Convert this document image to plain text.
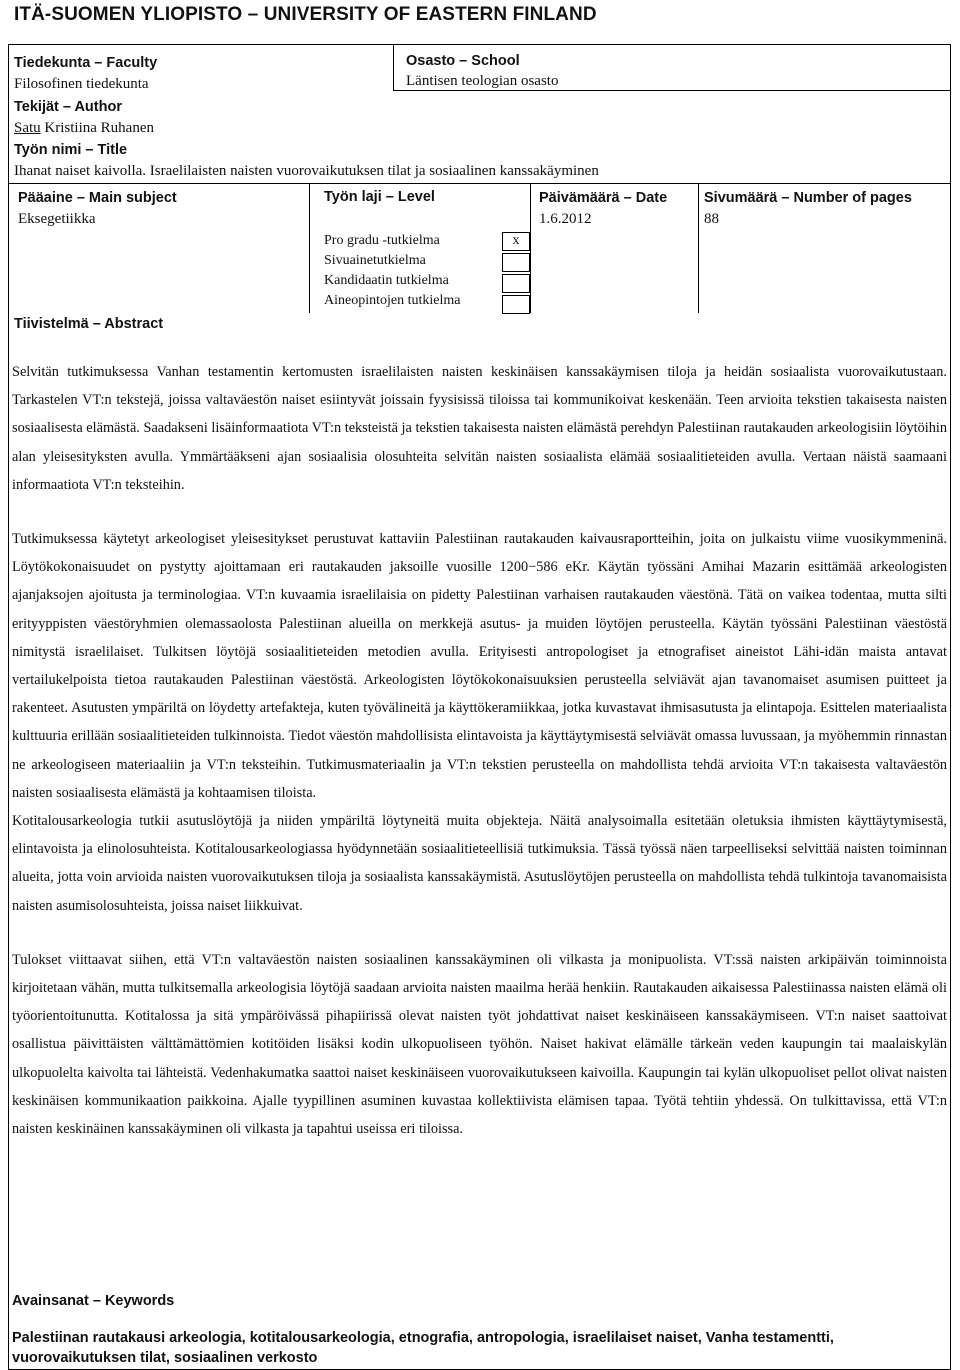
ITÄ-SUOMEN YLIOPISTO – UNIVERSITY OF EASTERN FINLAND
Tiedekunta – Faculty
Filosofinen tiedekunta
Osasto – School
Läntisen teologian osasto
Tekijät – Author
Satu Kristiina Ruhanen
Työn nimi – Title
Ihanat naiset kaivolla. Israelilaisten naisten vuorovaikutuksen tilat ja sosiaalinen kanssakäyminen
Pääaine – Main subject
Eksegetiikka
Työn laji – Level
Pro gradu -tutkielma
Sivuainetutkielma
Kandidaatin tutkielma
Aineopintojen tutkielma
x
Päivämäärä – Date
1.6.2012
Sivumäärä – Number of pages
88
Tiivistelmä – Abstract

Selvitän tutkimuksessa Vanhan testamentin kertomusten israelilaisten naisten keskinäisen kanssakäymisen tiloja ja heidän sosiaalista vuorovaikutustaan. Tarkastelen VT:n tekstejä, joissa valtaväestön naiset esiintyvät joissain fyysisissä tiloissa tai kommunikoivat keskenään. Teen arvioita tekstien takaisesta naisten sosiaalisesta elämästä. Saadakseni lisäinformaatiota VT:n teksteistä ja tekstien takaisesta naisten elämästä perehdyn Palestiinan rautakauden arkeologisiin löytöihin alan yleisesityksten avulla. Ymmärtääkseni ajan sosiaalisia olosuhteita selvitän naisten sosiaalista elämää sosiaalitieteiden avulla. Vertaan näistä saamaani informaatiota VT:n teksteihin.

Tutkimuksessa käytetyt arkeologiset yleisesitykset perustuvat kattaviin Palestiinan rautakauden kaivausraportteihin, joita on julkaistu viime vuosikymmeninä. Löytökokonaisuudet on pystytty ajoittamaan eri rautakauden jaksoille vuosille 1200−586 eKr. Käytän työssäni Amihai Mazarin esittämää arkeologisten ajanjaksojen ajoitusta ja terminologiaa. VT:n kuvaamia israelilaisia on pidetty Palestiinan varhaisen rautakauden väestönä. Tätä on vaikea todentaa, mutta silti erityyppisten väestöryhmien olemassaolosta Palestiinan alueilla on merkkejä asutus- ja muiden löytöjen perusteella. Käytän työssäni Palestiinan väestöstä nimitystä israelilaiset. Tulkitsen löytöjä sosiaalitieteiden metodien avulla. Erityisesti antropologiset ja etnografiset aineistot Lähi-idän maista antavat vertailukelpoista tietoa rautakauden Palestiinan väestöstä. Arkeologisten löytökokonaisuuksien perusteella selviävät ajan tavanomaiset asumisen puitteet ja rakenteet. Asutusten ympäriltä on löydetty artefakteja, kuten työvälineitä ja käyttökeramiikkaa, jotka kuvastavat ihmisasutusta ja elintapoja. Esittelen materiaalista kulttuuria erillään sosiaalitieteiden tulkinnoista. Tiedot väestön mahdollisista elintavoista ja käyttäytymisestä selviävät omassa luvussaan, ja myöhemmin rinnastan ne arkeologiseen materiaaliin ja VT:n teksteihin. Tutkimusmateriaalin ja VT:n tekstien perusteella on mahdollista tehdä arvioita VT:n takaisesta valtaväestön naisten sosiaalisesta elämästä ja kohtaamisen tiloista.

Kotitalousarkeologia tutkii asutuslöytöjä ja niiden ympäriltä löytyneitä muita objekteja. Näitä analysoimalla esitetään oletuksia ihmisten käyttäytymisestä, elintavoista ja elinolosuhteista. Kotitalousarkeologiassa hyödynnetään sosiaalitieteellisiä tutkimuksia. Tässä työssä näen tarpeelliseksi selvittää naisten toiminnan alueita, jotta voin arvioida naisten vuorovaikutuksen tiloja ja sosiaalista kanssakäymistä. Asutuslöytöjen perusteella on mahdollista tehdä tulkintoja tavanomaisista naisten asumisolosuhteista, joissa naiset liikkuivat.

Tulokset viittaavat siihen, että VT:n valtaväestön naisten sosiaalinen kanssakäyminen oli vilkasta ja monipuolista. VT:ssä naisten arkipäivän toiminnoista kirjoitetaan vähän, mutta tulkitsemalla arkeologisia löytöjä saadaan arvioita naisten maailma herää henkiin. Rautakauden aikaisessa Palestiinassa naisten elämä oli työorientoitunutta. Kotitalossa ja sitä ympäröivässä pihapiirissä olevat naisten työt johdattivat naiset keskinäiseen kanssakäymiseen. VT:n naiset saattoivat osallistua päivittäisten välttämättömien kotitöiden lisäksi kodin ulkopuoliseen työhön. Naiset hakivat elämälle tärkeän veden kaupungin tai maalaiskylän ulkopuolelta kaivolta tai lähteistä. Vedenhakumatka saattoi naiset keskinäiseen vuorovaikutukseen kaivoilla. Kaupungin tai kylän ulkopuoliset pellot olivat naisten keskinäisen kommunikaation paikkoina. Ajalle tyypillinen asuminen kuvastaa kollektiivista elämisen tapaa. Työtä tehtiin yhdessä. On tulkittavissa, että VT:n naisten keskinäinen kanssakäyminen oli vilkasta ja tapahtui useissa eri tiloissa.

Avainsanat – Keywords
Palestiinan rautakausi arkeologia, kotitalousarkeologia, etnografia, antropologia, israelilaiset naiset, Vanha testamentti, vuorovaikutuksen tilat, sosiaalinen verkosto
